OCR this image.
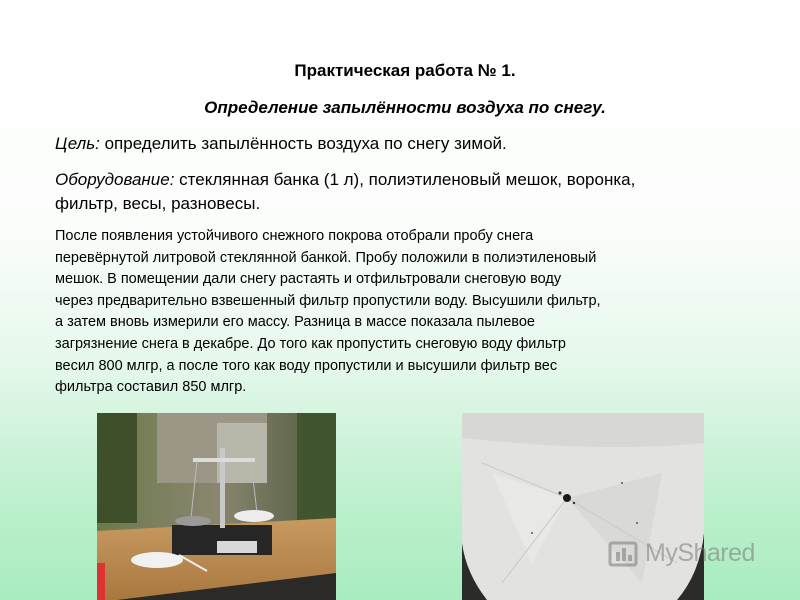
Практическая работа № 1.
Определение запылённости воздуха по снегу.
Цель: определить запылённость воздуха по снегу зимой.
Оборудование: стеклянная банка (1 л), полиэтиленовый мешок, воронка,
фильтр, весы, разновесы.
После появления устойчивого снежного покрова отобрали пробу снега
перевёрнутой литровой стеклянной банкой. Пробу положили в полиэтиленовый
мешок. В помещении дали снегу растаять и отфильтровали снеговую воду
через предварительно взвешенный фильтр пропустили воду. Высушили фильтр,
а затем вновь измерили его массу. Разница в массе показала пылевое
загрязнение снега в декабре. До того как пропустить снеговую воду фильтр
весил 800 млгр, а после того как воду пропустили и высушили фильтр вес
фильтра составил 850 млгр.
MyShared
